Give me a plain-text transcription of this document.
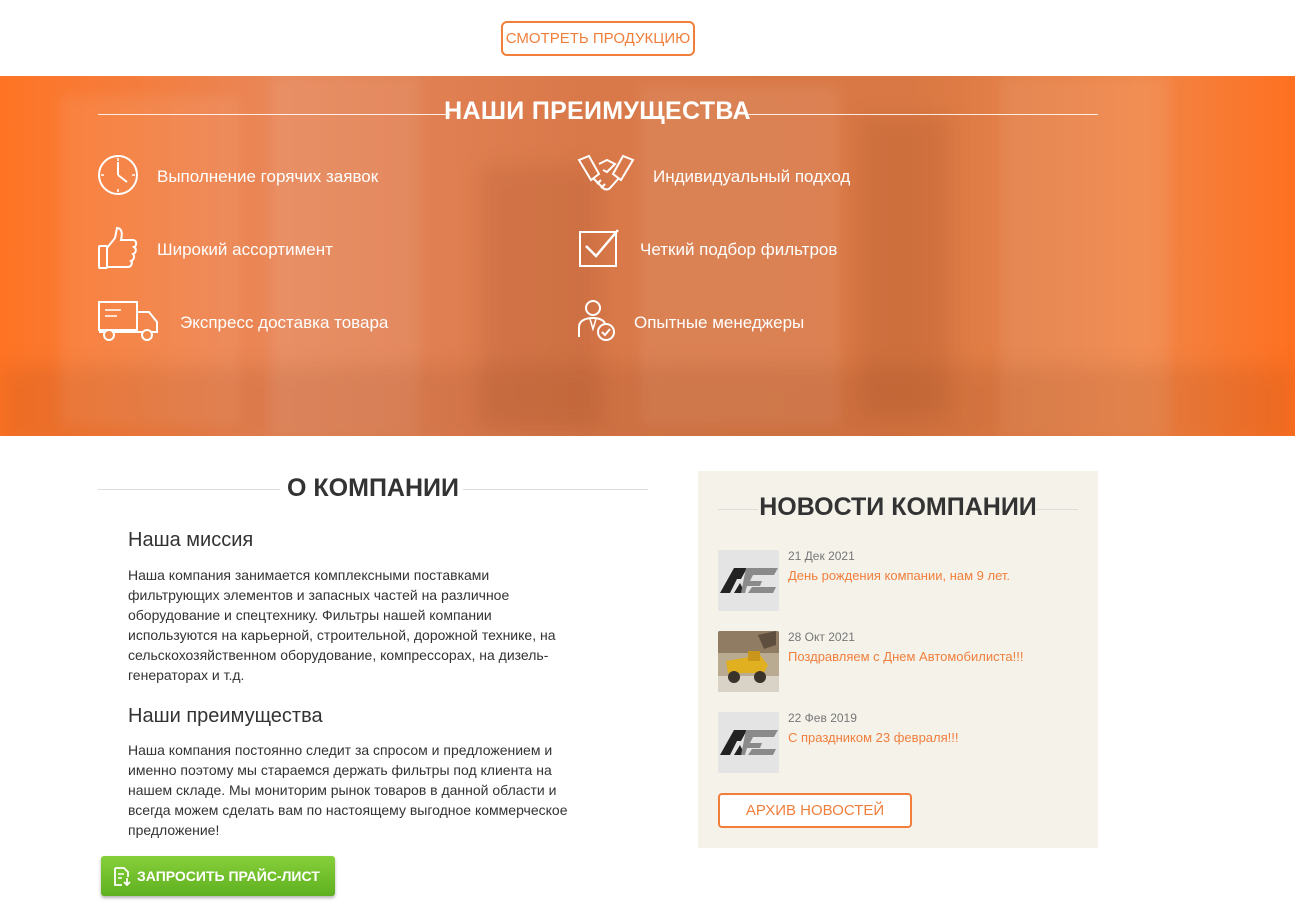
СМОТРЕТЬ ПРОДУКЦИЮ
НАШИ ПРЕИМУЩЕСТВА
Выполнение горячих заявок	Индивидуальный подход
Широкий ассортимент	Четкий подбор фильтров
Экспресс доставка товара	Опытные менеджеры
О КОМПАНИИ
Наша миссия
Наша компания занимается комплексными поставками фильтрующих элементов и запасных частей на различное оборудование и спецтехнику. Фильтры нашей компании используются на карьерной, строительной, дорожной технике, на сельскохозяйственном оборудование, компрессорах, на дизель-генераторах и т.д.
Наши преимущества
Наша компания постоянно следит за спросом и предложением и именно поэтому мы стараемся держать фильтры под клиента на нашем складе. Мы мониторим рынок товаров в данной области и всегда можем сделать вам по настоящему выгодное коммерческое предложение!
ЗАПРОСИТЬ ПРАЙС-ЛИСТ
НОВОСТИ КОМПАНИИ
21 Дек 2021
День рождения компании, нам 9 лет.
28 Окт 2021
Поздравляем с Днем Автомобилиста!!!
22 Фев 2019
С праздником 23 февраля!!!
АРХИВ НОВОСТЕЙ
